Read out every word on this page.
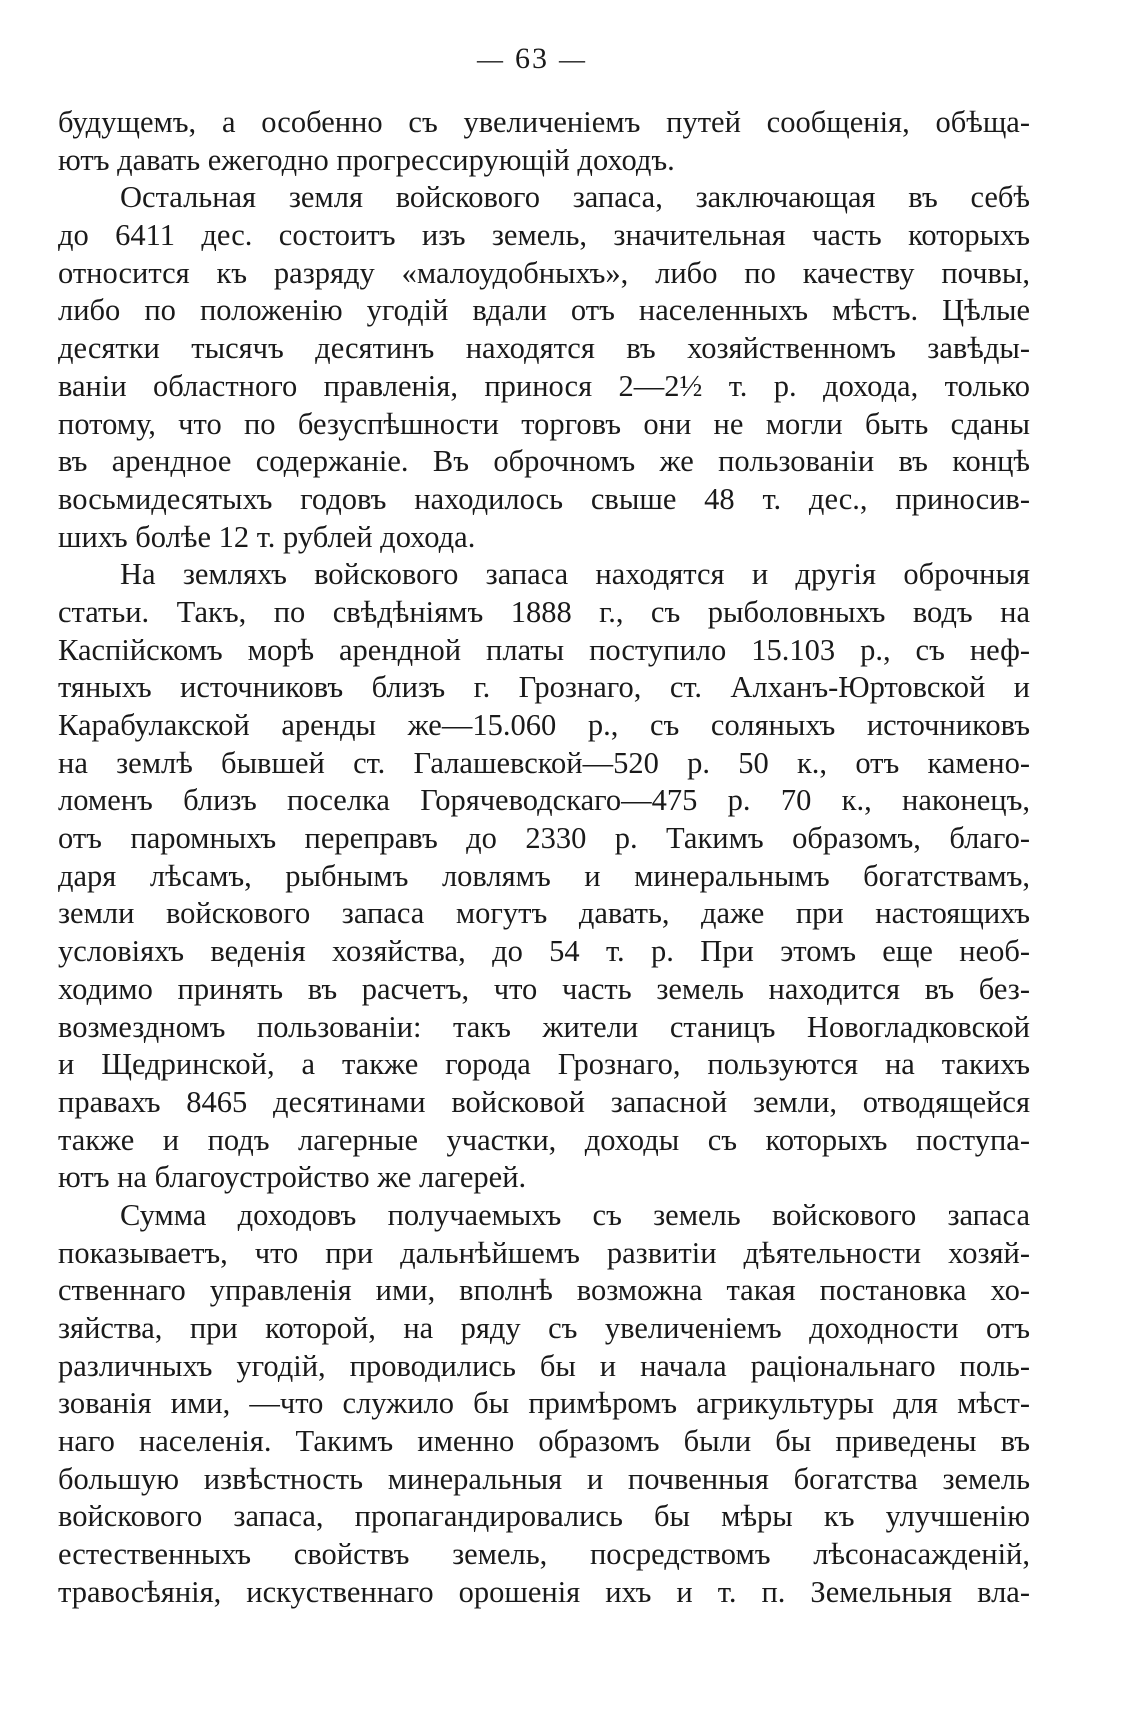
— 63 —
будущемъ, а особенно съ увеличеніемъ путей сообщенія, обѣща-
ютъ давать ежегодно прогрессирующій доходъ.
Остальная земля войскового запаса, заключающая въ себѣ
до 6411 дес. состоитъ изъ земель, значительная часть которыхъ
относится къ разряду «малоудобныхъ», либо по качеству почвы,
либо по положенію угодій вдали отъ населенныхъ мѣстъ. Цѣлые
десятки тысячъ десятинъ находятся въ хозяйственномъ завѣды-
ваніи областного правленія, принося 2—2½ т. р. дохода, только
потому, что по безуспѣшности торговъ они не могли быть сданы
въ арендное содержаніе. Въ оброчномъ же пользованіи въ концѣ
восьмидесятыхъ годовъ находилось свыше 48 т. дес., приносив-
шихъ болѣе 12 т. рублей дохода.
На земляхъ войскового запаса находятся и другія оброчныя
статьи. Такъ, по свѣдѣніямъ 1888 г., съ рыболовныхъ водъ на
Каспійскомъ морѣ арендной платы поступило 15.103 р., съ неф-
тяныхъ источниковъ близъ г. Грознаго, ст. Алханъ-Юртовской и
Карабулакской аренды же—15.060 р., съ соляныхъ источниковъ
на землѣ бывшей ст. Галашевской—520 р. 50 к., отъ камено-
ломенъ близъ поселка Горячеводскаго—475 р. 70 к., наконецъ,
отъ паромныхъ переправъ до 2330 р. Такимъ образомъ, благо-
даря лѣсамъ, рыбнымъ ловлямъ и минеральнымъ богатствамъ,
земли войскового запаса могутъ давать, даже при настоящихъ
условіяхъ веденія хозяйства, до 54 т. р. При этомъ еще необ-
ходимо принять въ расчетъ, что часть земель находится въ без-
возмездномъ пользованіи: такъ жители станицъ Новогладковской
и Щедринской, а также города Грознаго, пользуются на такихъ
правахъ 8465 десятинами войсковой запасной земли, отводящейся
также и подъ лагерные участки, доходы съ которыхъ поступа-
ютъ на благоустройство же лагерей.
Сумма доходовъ получаемыхъ съ земель войскового запаса
показываетъ, что при дальнѣйшемъ развитіи дѣятельности хозяй-
ственнаго управленія ими, вполнѣ возможна такая постановка хо-
зяйства, при которой, на ряду съ увеличеніемъ доходности отъ
различныхъ угодій, проводились бы и начала раціональнаго поль-
зованія ими, —что служило бы примѣромъ агрикультуры для мѣст-
наго населенія. Такимъ именно образомъ были бы приведены въ
большую извѣстность минеральныя и почвенныя богатства земель
войскового запаса, пропагандировались бы мѣры къ улучшенію
естественныхъ свойствъ земель, посредствомъ лѣсонасажденій,
травосѣянія, искуственнаго орошенія ихъ и т. п. Земельныя вла-
